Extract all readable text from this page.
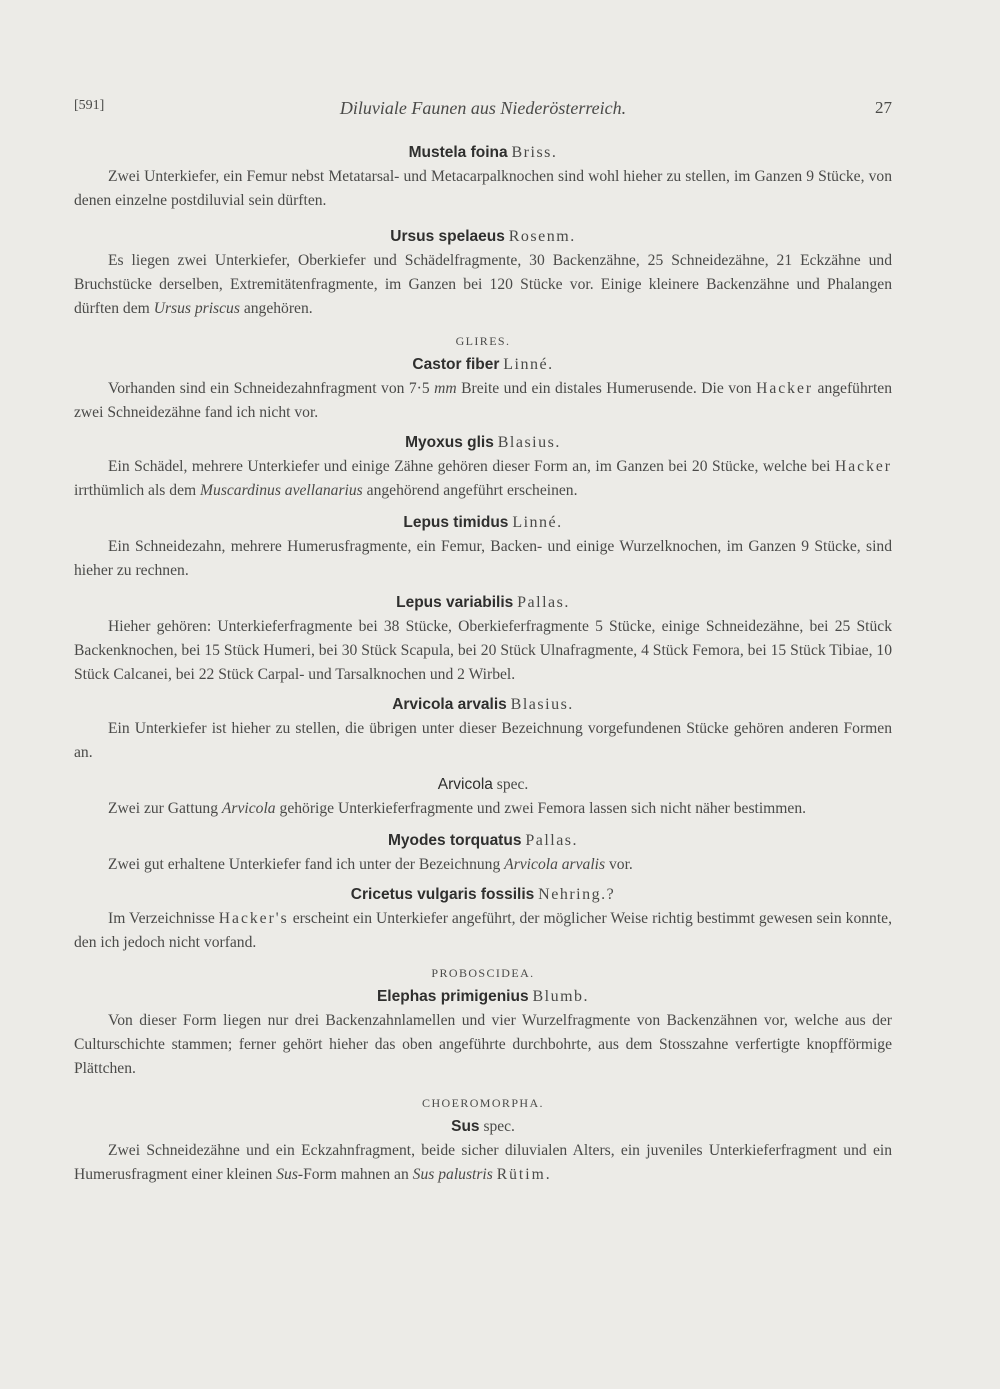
[591]	Diluviale Faunen aus Niederösterreich.	27
Mustela foina Briss.

Zwei Unterkiefer, ein Femur nebst Metatarsal- und Metacarpalknochen sind wohl hieher zu stellen, im Ganzen 9 Stücke, von denen einzelne postdiluvial sein dürften.

Ursus spelaeus Rosenm.

Es liegen zwei Unterkiefer, Oberkiefer und Schädelfragmente, 30 Backenzähne, 25 Schneidezähne, 21 Eckzähne und Bruchstücke derselben, Extremitätenfragmente, im Ganzen bei 120 Stücke vor. Einige kleinere Backenzähne und Phalangen dürften dem Ursus priscus angehören.

GLIRES.
Castor fiber Linné.

Vorhanden sind ein Schneidezahnfragment von 7·5 mm Breite und ein distales Humerusende. Die von Hacker angeführten zwei Schneidezähne fand ich nicht vor.

Myoxus glis Blasius.

Ein Schädel, mehrere Unterkiefer und einige Zähne gehören dieser Form an, im Ganzen bei 20 Stücke, welche bei Hacker irrthümlich als dem Muscardinus avellanarius angehörend angeführt erscheinen.

Lepus timidus Linné.

Ein Schneidezahn, mehrere Humerusfragmente, ein Femur, Backen- und einige Wurzelknochen, im Ganzen 9 Stücke, sind hieher zu rechnen.

Lepus variabilis Pallas.

Hieher gehören: Unterkieferfragmente bei 38 Stücke, Oberkieferfragmente 5 Stücke, einige Schneidezähne, bei 25 Stück Backenknochen, bei 15 Stück Humeri, bei 30 Stück Scapula, bei 20 Stück Ulnafragmente, 4 Stück Femora, bei 15 Stück Tibiae, 10 Stück Calcanei, bei 22 Stück Carpal- und Tarsalknochen und 2 Wirbel.

Arvicola arvalis Blasius.

Ein Unterkiefer ist hieher zu stellen, die übrigen unter dieser Bezeichnung vorgefundenen Stücke gehören anderen Formen an.

Arvicola spec.

Zwei zur Gattung Arvicola gehörige Unterkieferfragmente und zwei Femora lassen sich nicht näher bestimmen.

Myodes torquatus Pallas.

Zwei gut erhaltene Unterkiefer fand ich unter der Bezeichnung Arvicola arvalis vor.

Cricetus vulgaris fossilis Nehring.?

Im Verzeichnisse Hacker's erscheint ein Unterkiefer angeführt, der möglicher Weise richtig bestimmt gewesen sein konnte, den ich jedoch nicht vorfand.

PROBOSCIDEA.
Elephas primigenius Blumb.

Von dieser Form liegen nur drei Backenzahnlamellen und vier Wurzelfragmente von Backenzähnen vor, welche aus der Culturschichte stammen; ferner gehört hieher das oben angeführte durchbohrte, aus dem Stosszahne verfertigte knopfförmige Plättchen.

CHOEROMORPHA.
Sus spec.

Zwei Schneidezähne und ein Eckzahnfragment, beide sicher diluvialen Alters, ein juveniles Unterkieferfragment und ein Humerusfragment einer kleinen Sus-Form mahnen an Sus palustris Rütim.
